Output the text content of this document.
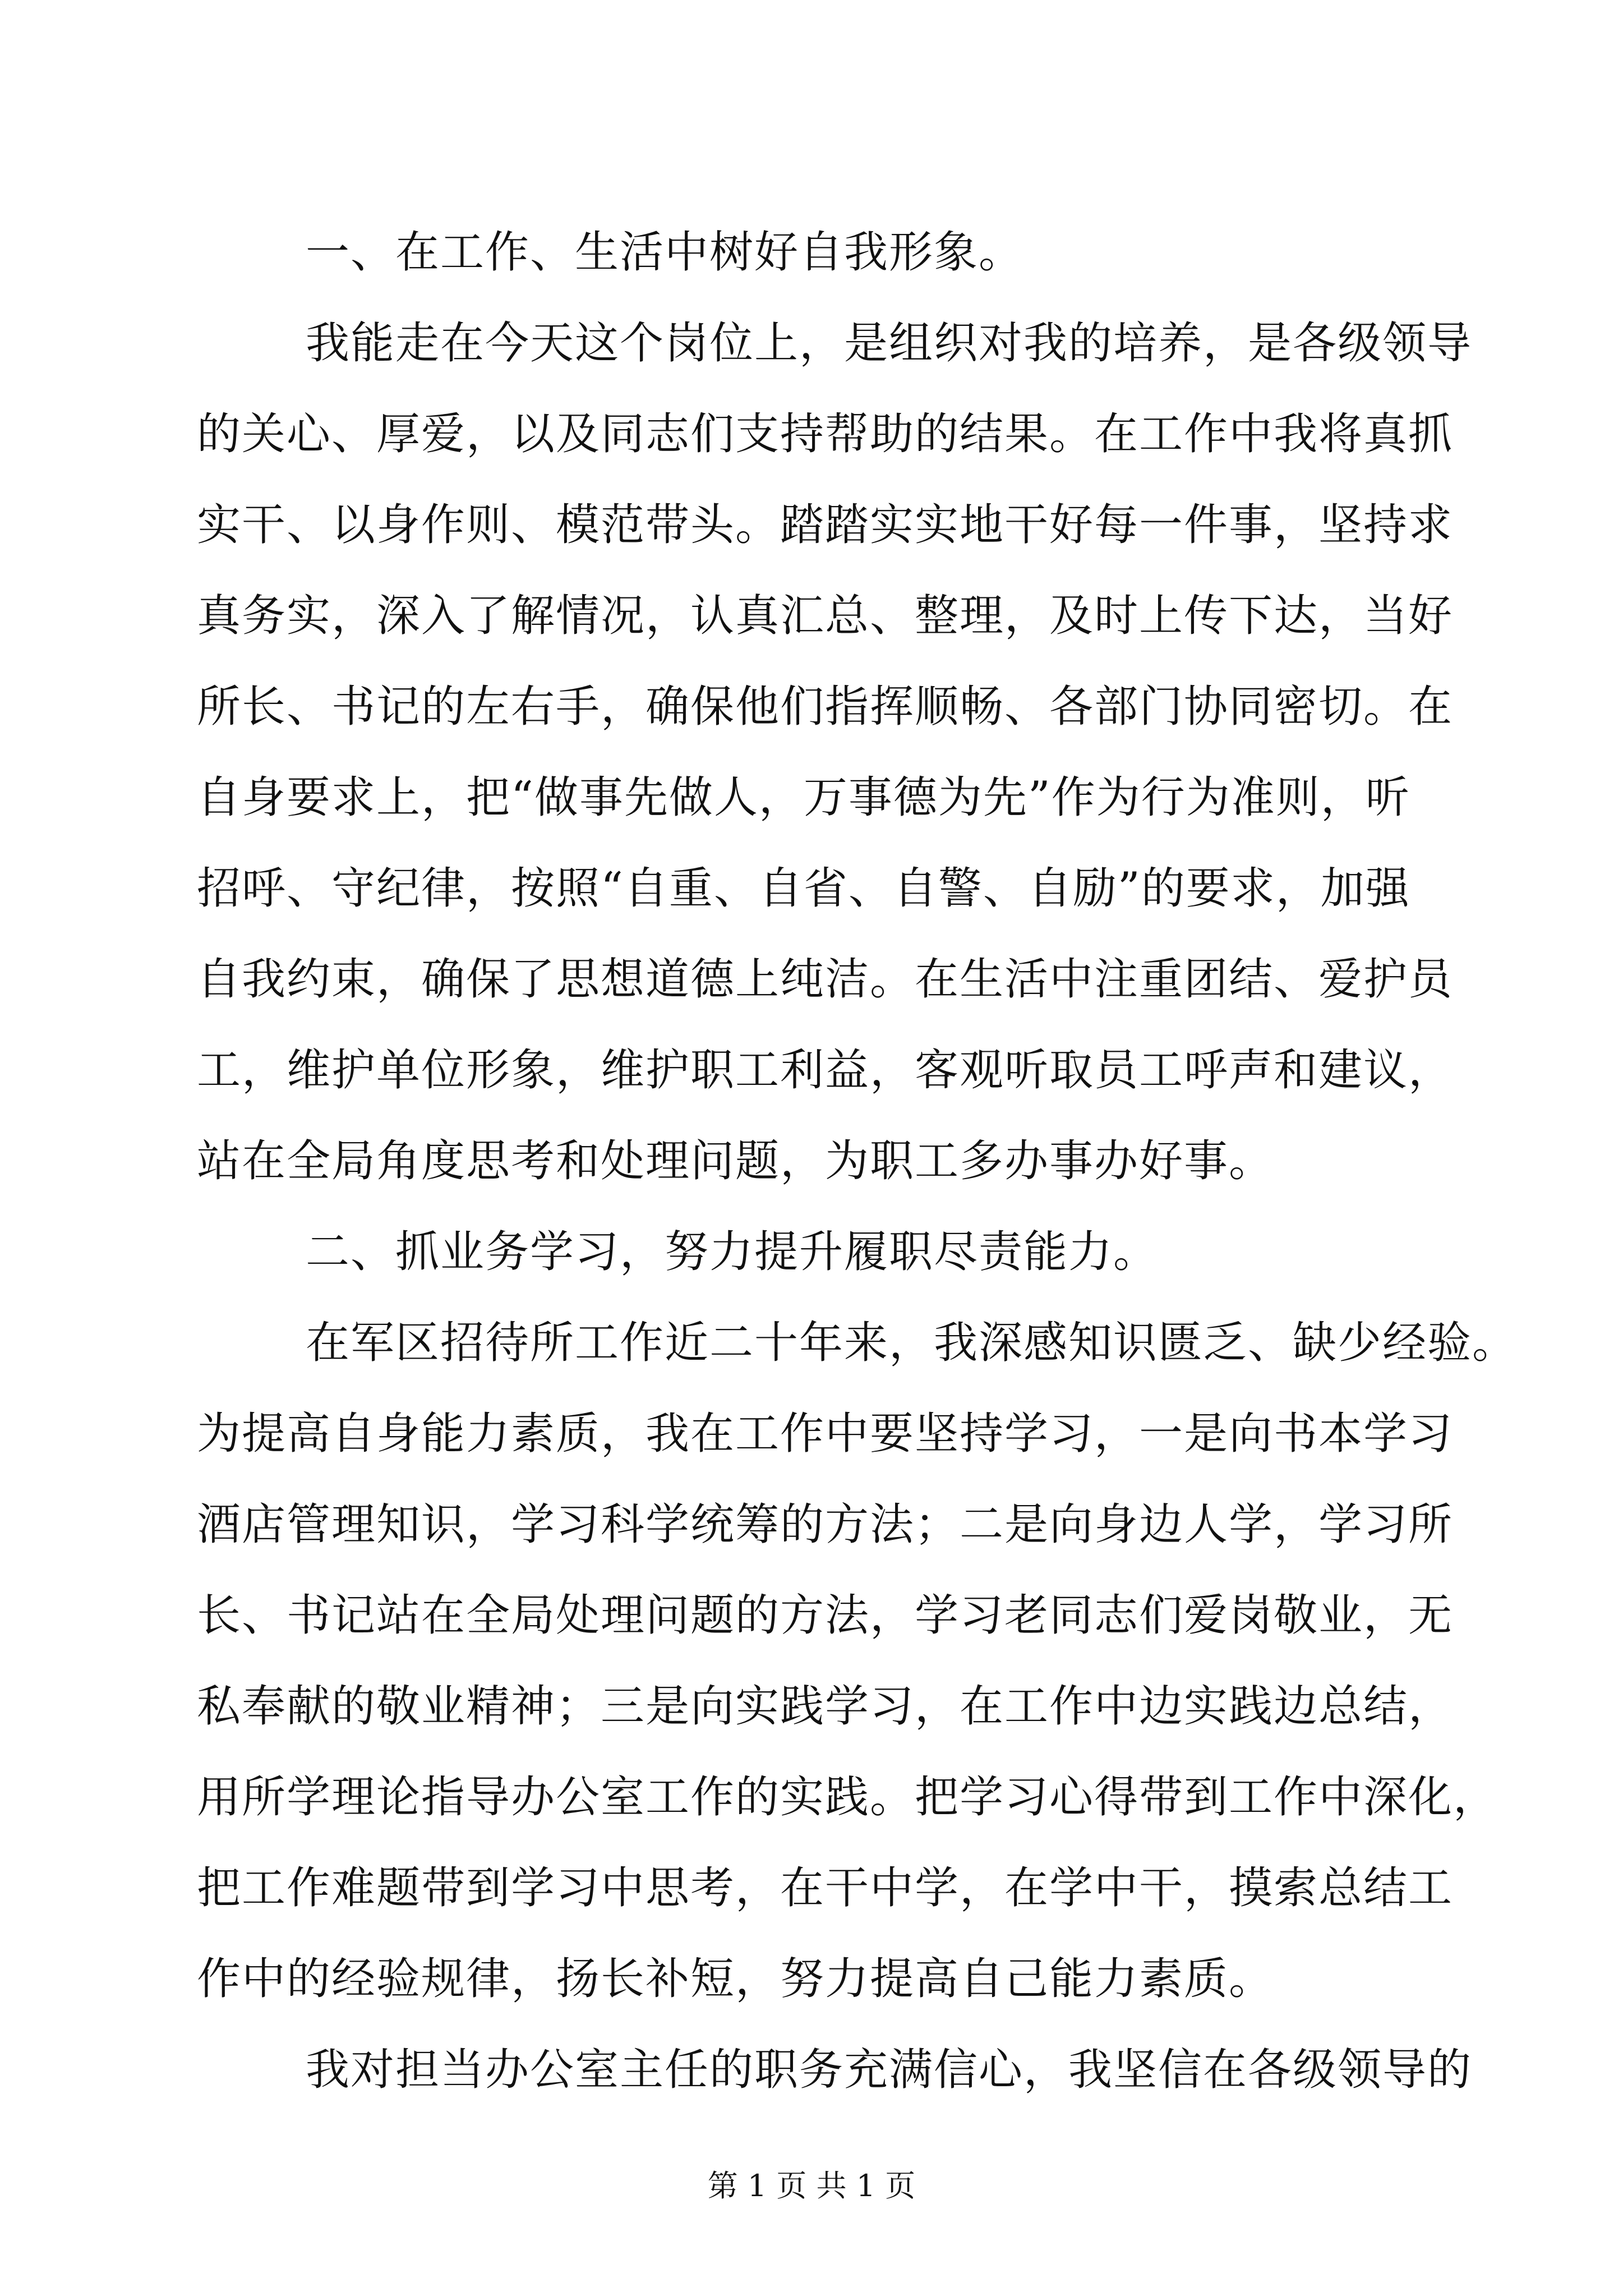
一、在工作、生活中树好自我形象。
我能走在今天这个岗位上，是组织对我的培养，是各级领导
的关心、厚爱，以及同志们支持帮助的结果。在工作中我将真抓
实干、以身作则、模范带头。踏踏实实地干好每一件事，坚持求
真务实，深入了解情况，认真汇总、整理，及时上传下达，当好
所长、书记的左右手，确保他们指挥顺畅、各部门协同密切。在
自身要求上，把“做事先做人，万事德为先”作为行为准则，听
招呼、守纪律，按照“自重、自省、自警、自励”的要求，加强
自我约束，确保了思想道德上纯洁。在生活中注重团结、爱护员
工，维护单位形象，维护职工利益，客观听取员工呼声和建议，
站在全局角度思考和处理问题，为职工多办事办好事。
二、抓业务学习，努力提升履职尽责能力。
在军区招待所工作近二十年来，我深感知识匮乏、缺少经验。
为提高自身能力素质，我在工作中要坚持学习，一是向书本学习
酒店管理知识，学习科学统筹的方法；二是向身边人学，学习所
长、书记站在全局处理问题的方法，学习老同志们爱岗敬业，无
私奉献的敬业精神；三是向实践学习，在工作中边实践边总结，
用所学理论指导办公室工作的实践。把学习心得带到工作中深化，
把工作难题带到学习中思考，在干中学，在学中干，摸索总结工
作中的经验规律，扬长补短，努力提高自己能力素质。
我对担当办公室主任的职务充满信心，我坚信在各级领导的
第 1 页 共 1 页
